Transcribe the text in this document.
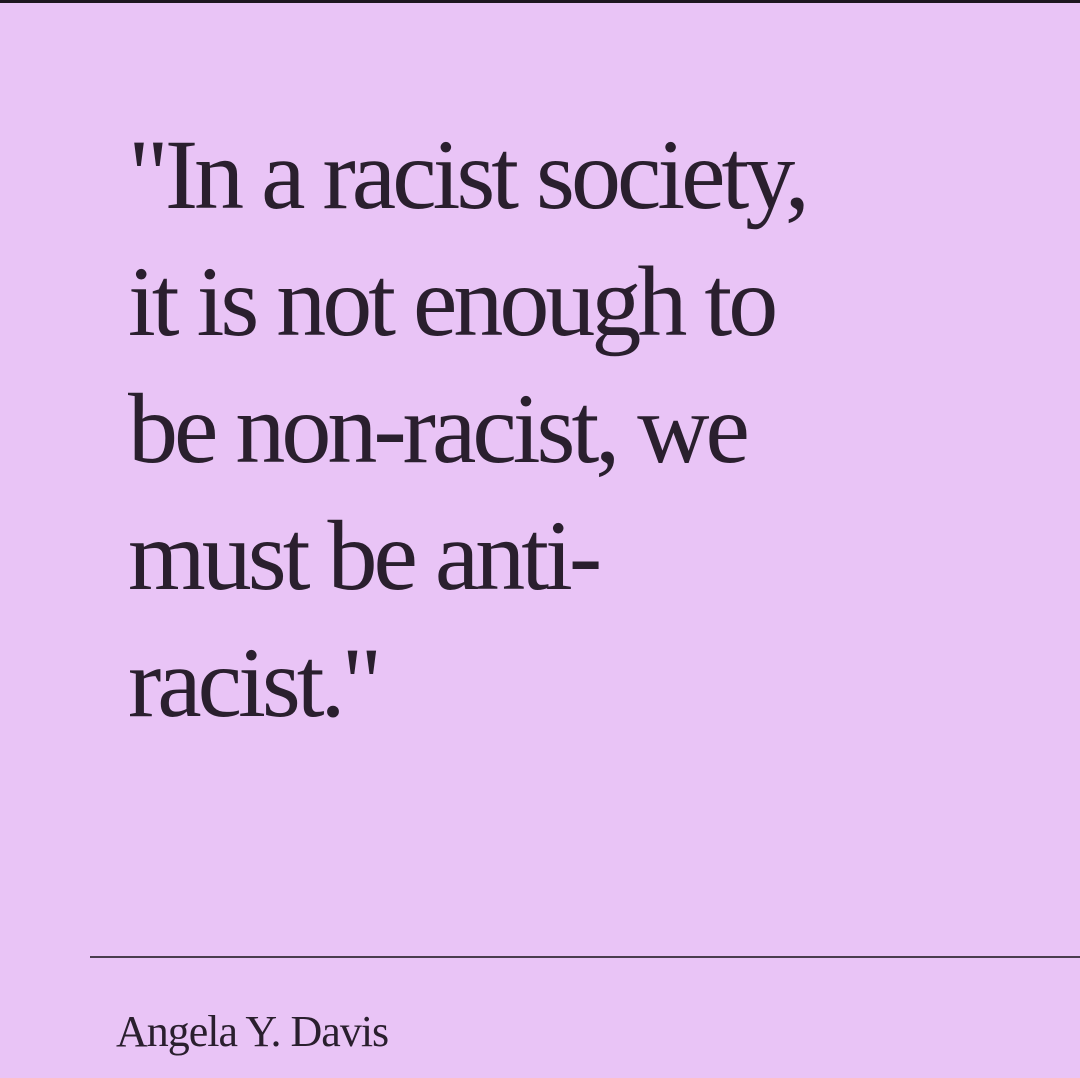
"In a racist society,
it is not enough to
be non-racist, we
must be anti-
racist."

Angela Y. Davis
